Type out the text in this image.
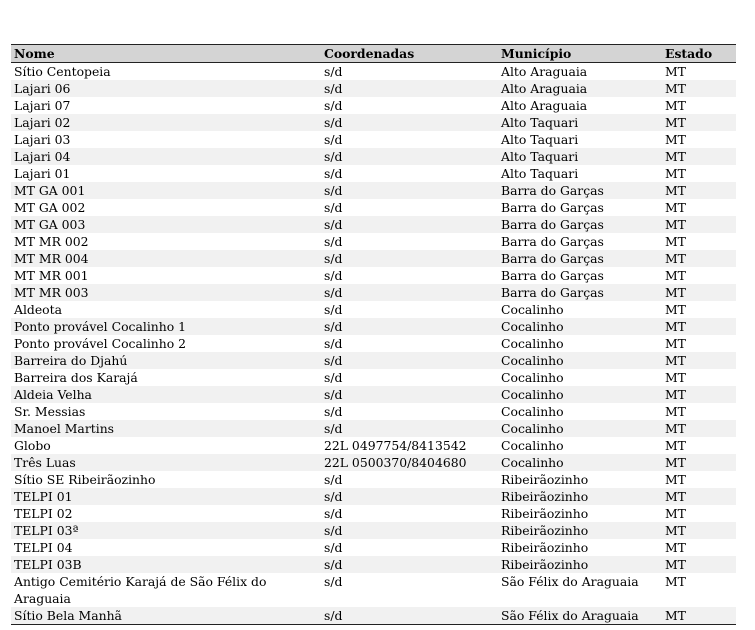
Nome	Coordenadas	Município	Estado
Sítio Centopeia	s/d	Alto Araguaia	MT
Lajari 06	s/d	Alto Araguaia	MT
Lajari 07	s/d	Alto Araguaia	MT
Lajari 02	s/d	Alto Taquari	MT
Lajari 03	s/d	Alto Taquari	MT
Lajari 04	s/d	Alto Taquari	MT
Lajari 01	s/d	Alto Taquari	MT
MT GA 001	s/d	Barra do Garças	MT
MT GA 002	s/d	Barra do Garças	MT
MT GA 003	s/d	Barra do Garças	MT
MT MR 002	s/d	Barra do Garças	MT
MT MR 004	s/d	Barra do Garças	MT
MT MR 001	s/d	Barra do Garças	MT
MT MR 003	s/d	Barra do Garças	MT
Aldeota	s/d	Cocalinho	MT
Ponto provável Cocalinho 1	s/d	Cocalinho	MT
Ponto provável Cocalinho 2	s/d	Cocalinho	MT
Barreira do Djahú	s/d	Cocalinho	MT
Barreira dos Karajá	s/d	Cocalinho	MT
Aldeia Velha	s/d	Cocalinho	MT
Sr. Messias	s/d	Cocalinho	MT
Manoel Martins	s/d	Cocalinho	MT
Globo	22L 0497754/8413542	Cocalinho	MT
Três Luas	22L 0500370/8404680	Cocalinho	MT
Sítio SE Ribeirãozinho	s/d	Ribeirãozinho	MT
TELPI 01	s/d	Ribeirãozinho	MT
TELPI 02	s/d	Ribeirãozinho	MT
TELPI 03ª	s/d	Ribeirãozinho	MT
TELPI 04	s/d	Ribeirãozinho	MT
TELPI 03B	s/d	Ribeirãozinho	MT
Antigo Cemitério Karajá de São Félix do Araguaia	s/d	São Félix do Araguaia	MT
Sítio Bela Manhã	s/d	São Félix do Araguaia	MT
